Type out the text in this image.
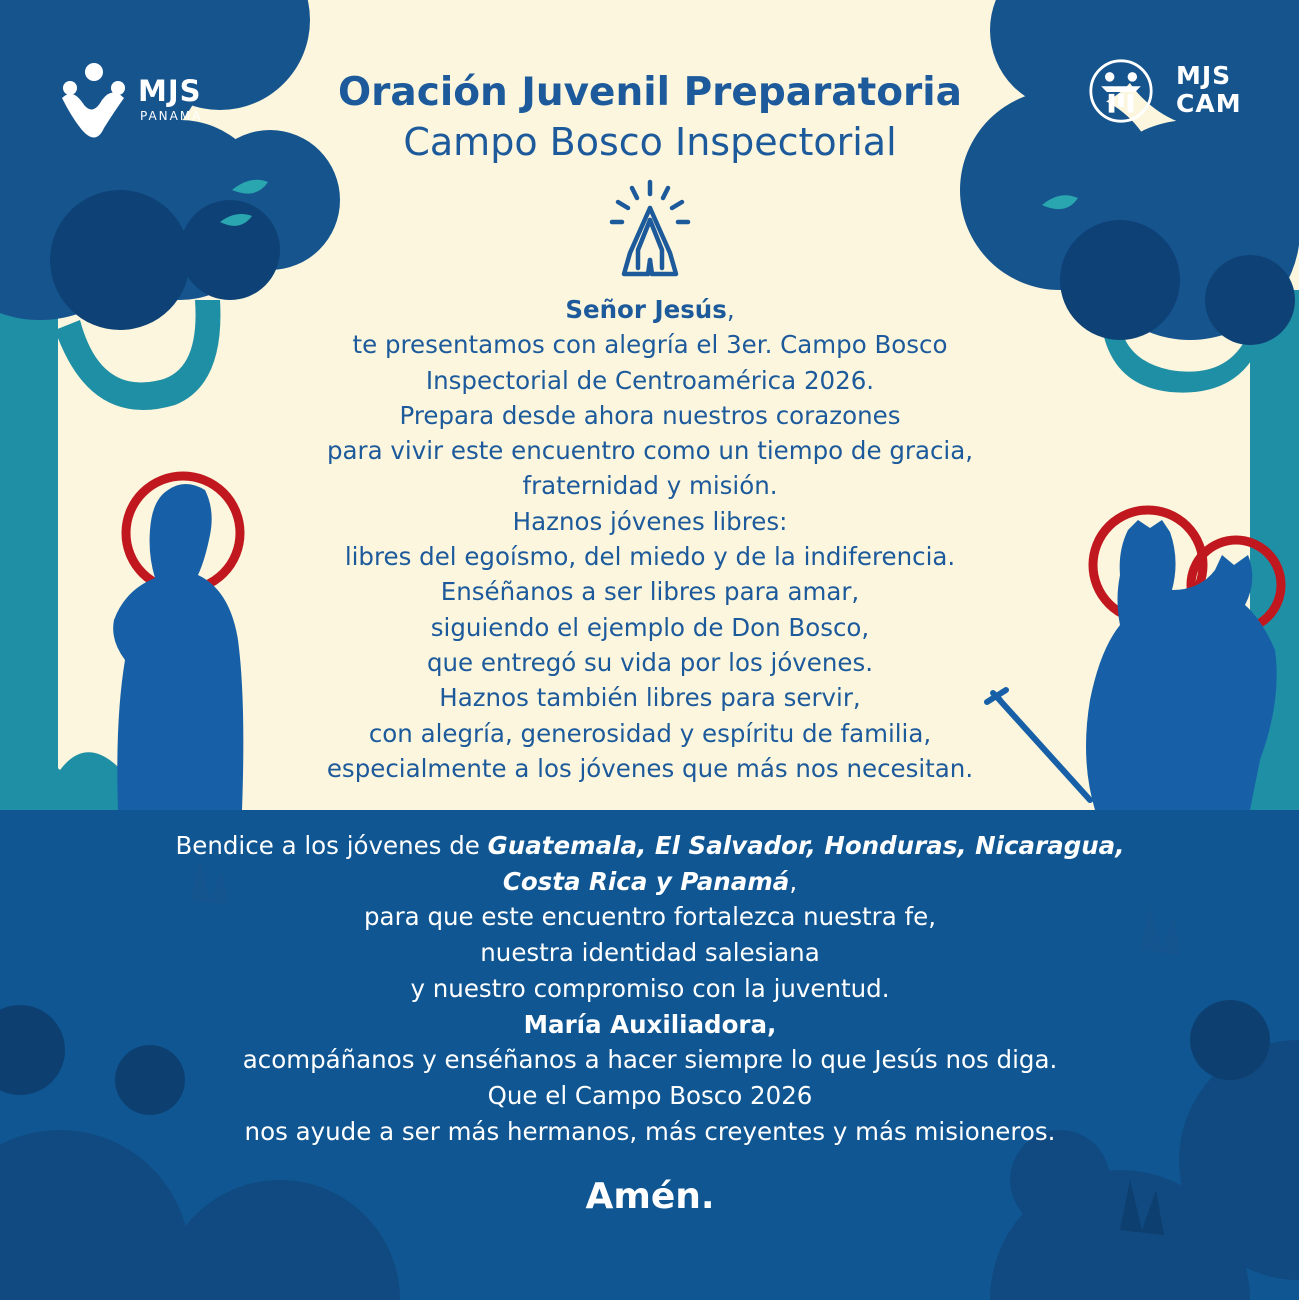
MJS
PANAMÁ
MJS
CAM
Oración Juvenil Preparatoria
Campo Bosco Inspectorial
Señor Jesús,
te presentamos con alegría el 3er. Campo Bosco
Inspectorial de Centroamérica 2026.
Prepara desde ahora nuestros corazones
para vivir este encuentro como un tiempo de gracia,
fraternidad y misión.
Haznos jóvenes libres:
libres del egoísmo, del miedo y de la indiferencia.
Enséñanos a ser libres para amar,
siguiendo el ejemplo de Don Bosco,
que entregó su vida por los jóvenes.
Haznos también libres para servir,
con alegría, generosidad y espíritu de familia,
especialmente a los jóvenes que más nos necesitan.
Bendice a los jóvenes de Guatemala, El Salvador, Honduras, Nicaragua,
Costa Rica y Panamá,
para que este encuentro fortalezca nuestra fe,
nuestra identidad salesiana
y nuestro compromiso con la juventud.
María Auxiliadora,
acompáñanos y enséñanos a hacer siempre lo que Jesús nos diga.
Que el Campo Bosco 2026
nos ayude a ser más hermanos, más creyentes y más misioneros.
Amén.
